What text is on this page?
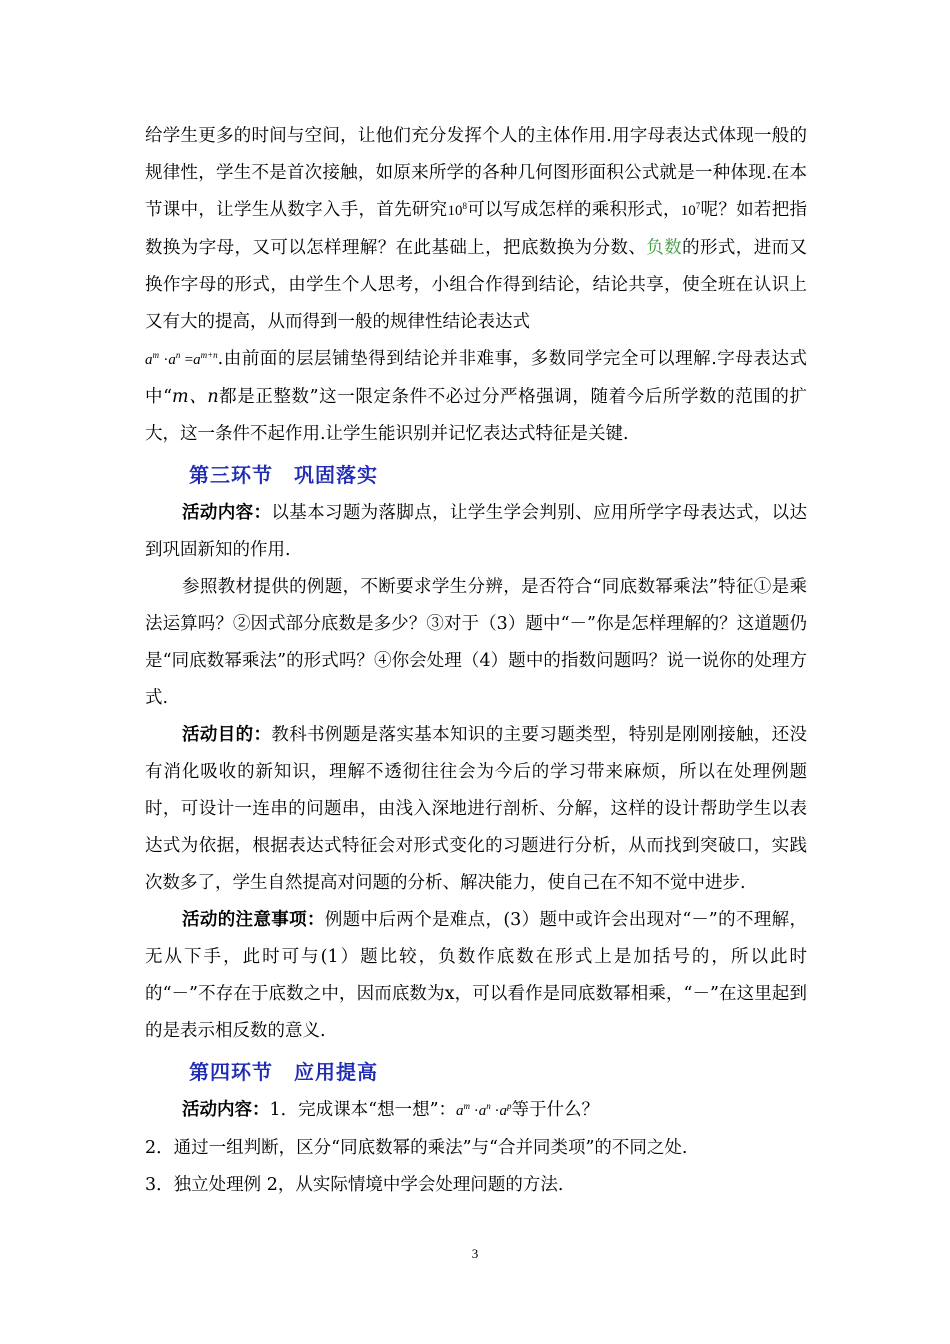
给学生更多的时间与空间，让他们充分发挥个人的主体作用.用字母表达式体现一般的规律性，学生不是首次接触，如原来所学的各种几何图形面积公式就是一种体现.在本节课中，让学生从数字入手，首先研究$10^8$可以写成怎样的乘积形式，$10^7$呢？如若把指数换为字母，又可以怎样理解？在此基础上，把底数换为分数、负数的形式，进而又换作字母的形式，由学生个人思考，小组合作得到结论，结论共享，使全班在认识上又有大的提高，从而得到一般的规律性结论表达式
$a^m \cdot a^n =a^{m+n}$.由前面的层层铺垫得到结论并非难事，多数同学完全可以理解.字母表达式中“m、n都是正整数”这一限定条件不必过分严格强调，随着今后所学数的范围的扩大，这一条件不起作用.让学生能识别并记忆表达式特征是关键.

第三环节　巩固落实

活动内容：以基本习题为落脚点，让学生学会判别、应用所学字母表达式，以达到巩固新知的作用.

参照教材提供的例题，不断要求学生分辨，是否符合“同底数幂乘法”特征①是乘法运算吗？②因式部分底数是多少？③对于（3）题中“－”你是怎样理解的？这道题仍是“同底数幂乘法”的形式吗？④你会处理（4）题中的指数问题吗？说一说你的处理方式.

活动目的：教科书例题是落实基本知识的主要习题类型，特别是刚刚接触，还没有消化吸收的新知识，理解不透彻往往会为今后的学习带来麻烦，所以在处理例题时，可设计一连串的问题串，由浅入深地进行剖析、分解，这样的设计帮助学生以表达式为依据，根据表达式特征会对形式变化的习题进行分析，从而找到突破口，实践次数多了，学生自然提高对问题的分析、解决能力，使自己在不知不觉中进步.

活动的注意事项：例题中后两个是难点，(3）题中或许会出现对“－”的不理解，无从下手，此时可与(1）题比较，负数作底数在形式上是加括号的，所以此时的“－”不存在于底数之中，因而底数为x，可以看作是同底数幂相乘，“－”在这里起到的是表示相反数的意义.

第四环节　应用提高

活动内容：1．完成课本“想一想”：$a^m \cdot a^n \cdot a^p$等于什么？

2．通过一组判断，区分“同底数幂的乘法”与“合并同类项”的不同之处.

3．独立处理例 2，从实际情境中学会处理问题的方法.

3
